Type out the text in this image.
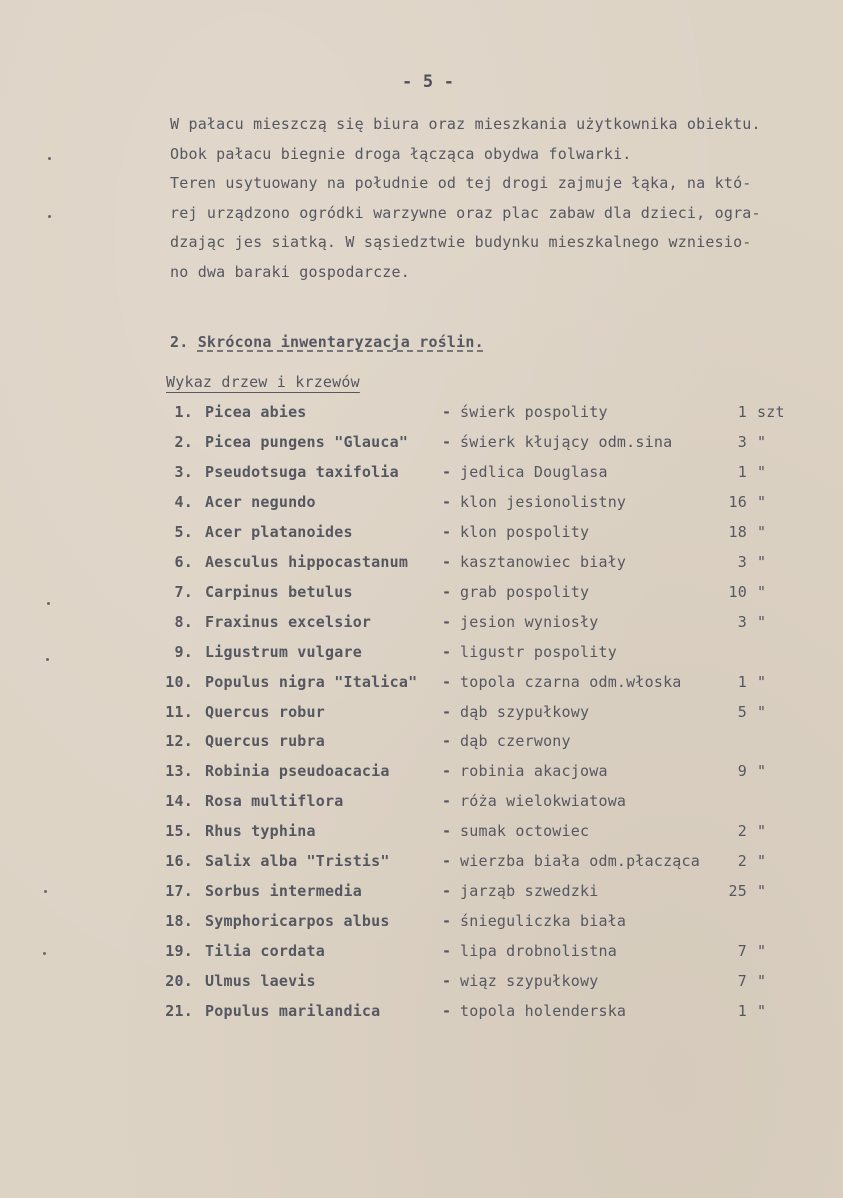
- 5 -
W pałacu mieszczą się biura oraz mieszkania użytkownika obiektu.
Obok pałacu biegnie droga łącząca obydwa folwarki.
Teren usytuowany na południe od tej drogi zajmuje łąka, na któ-
rej urządzono ogródki warzywne oraz plac zabaw dla dzieci, ogra-
dzając jes siatką. W sąsiedztwie budynku mieszkalnego wzniesio-
no dwa baraki gospodarcze.
2. Skrócona inwentaryzacja roślin.
Wykaz drzew i krzewów
1. Picea abies	- świerk pospolity	1 szt
2. Picea pungens "Glauca" - świerk kłujący odm.sina	3 "
3. Pseudotsuga taxifolia	- jedlica Douglasa	1 "
4. Acer negundo	- klon jesionolistny	16 "
5. Acer platanoides	- klon pospolity	18 "
6. Aesculus hippocastanum - kasztanowiec biały	3 "
7. Carpinus betulus	- grab pospolity	10 "
8. Fraxinus excelsior	- jesion wyniosły	3 "
9. Ligustrum vulgare	- ligustr pospolity
10. Populus nigra "Italica" - topola czarna odm.włoska	1 "
11. Quercus robur	- dąb szypułkowy	5 "
12. Quercus rubra	- dąb czerwony
13. Robinia pseudoacacia	- robinia akacjowa	9 "
14. Rosa multiflora	- róża wielokwiatowa
15. Rhus typhina	- sumak octowiec	2 "
16. Salix alba "Tristis"	- wierzba biała odm.płacząca	2 "
17. Sorbus intermedia	- jarząb szwedzki	25 "
18. Symphoricarpos albus	- śnieguliczka biała
19. Tilia cordata	- lipa drobnolistna	7 "
20. Ulmus laevis	- wiąz szypułkowy	7 "
21. Populus marilandica	- topola holenderska	1 "
